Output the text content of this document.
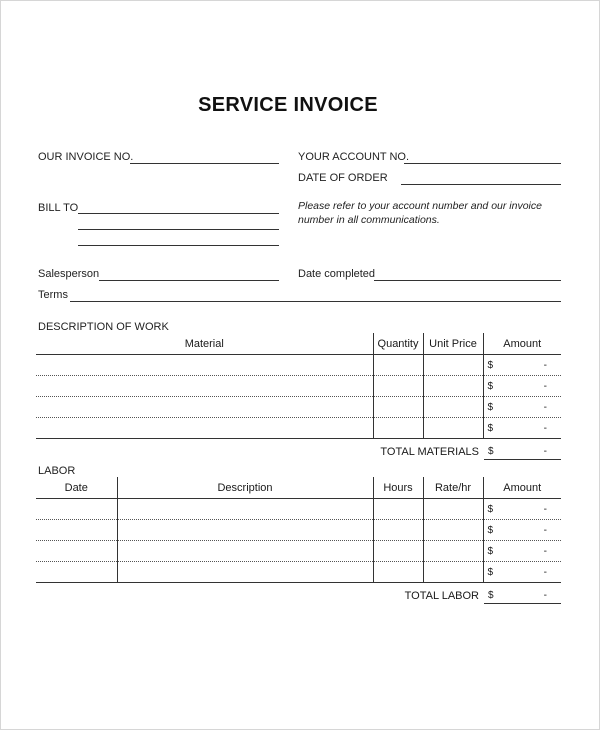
SERVICE INVOICE
OUR INVOICE NO.
BILL TO
YOUR ACCOUNT NO.
DATE OF ORDER
Please refer to your account number and our invoice number in all communications.
Salesperson	Date completed
Terms
DESCRIPTION OF WORK
Material	Quantity	Unit Price	Amount

			$ -

			$ -

			$ -

			$ -
TOTAL MATERIALS $	-
LABOR
Date	Description	Hours	Rate/hr	Amount

				$ -

				$ -

				$ -

				$ -
TOTAL LABOR $	-
